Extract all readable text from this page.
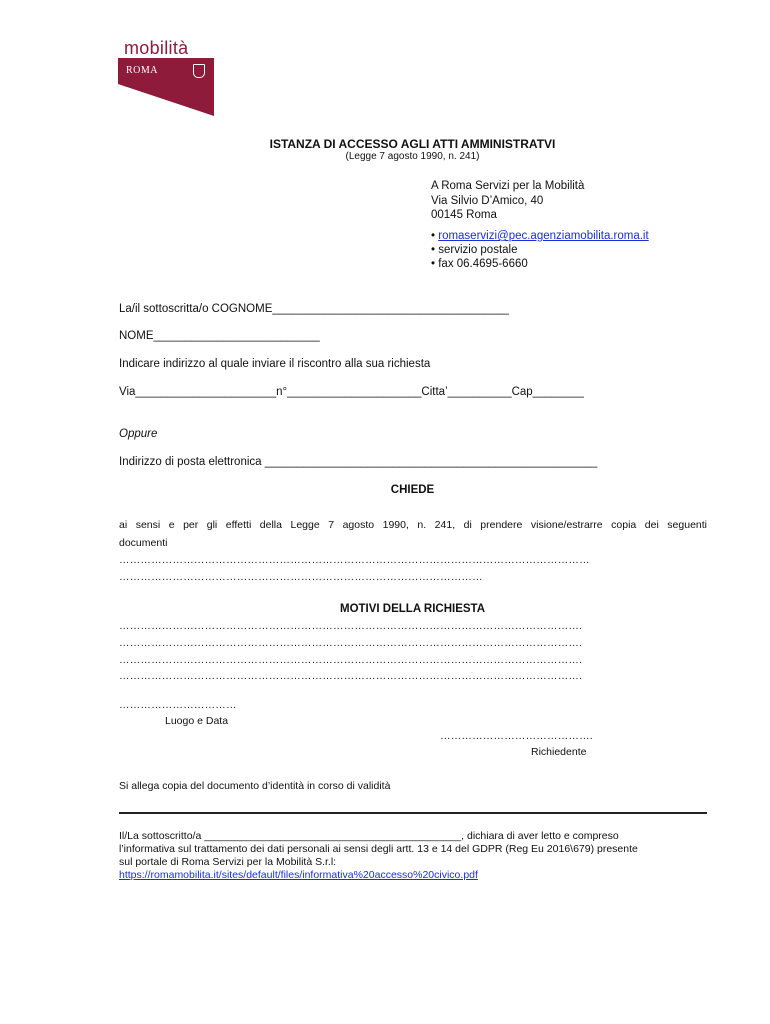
mobilità
ROMA
ISTANZA DI ACCESSO AGLI ATTI AMMINISTRATVI
(Legge 7 agosto 1990, n. 241)
A Roma Servizi per la Mobilità
Via Silvio D’Amico, 40
00145 Roma
• romaservizi@pec.agenziamobilita.roma.it
• servizio postale
• fax 06.4695-6660
La/il sottoscritta/o COGNOME_____________________________________
NOME__________________________
Indicare indirizzo al quale inviare il riscontro alla sua richiesta
Via______________________n°_____________________Citta’__________Cap________
Oppure
Indirizzo di posta elettronica ____________________________________________________
CHIEDE
ai sensi e per gli effetti della Legge 7 agosto 1990, n. 241, di prendere visione/estrarre copia dei seguenti
documenti
……………………………………………………………………………………………………………………
…………………………………………………………………………………………
MOTIVI DELLA RICHIESTA
………………………………………………………………………………………………………………….
………………………………………………………………………………………………………………….
………………………………………………………………………………………………………………….
………………………………………………………………………………………………………………….
……………………………
Luogo e Data
…………………………………….
Richiedente
Si allega copia del documento d’identità in corso di validità
Il/La sottoscritto/a ____________________________________________, dichiara di aver letto e compreso
l’informativa sul trattamento dei dati personali ai sensi degli artt. 13 e 14 del GDPR (Reg Eu 2016\679) presente
sul portale di Roma Servizi per la Mobilità S.r.l:
https://romamobilita.it/sites/default/files/informativa%20accesso%20civico.pdf
